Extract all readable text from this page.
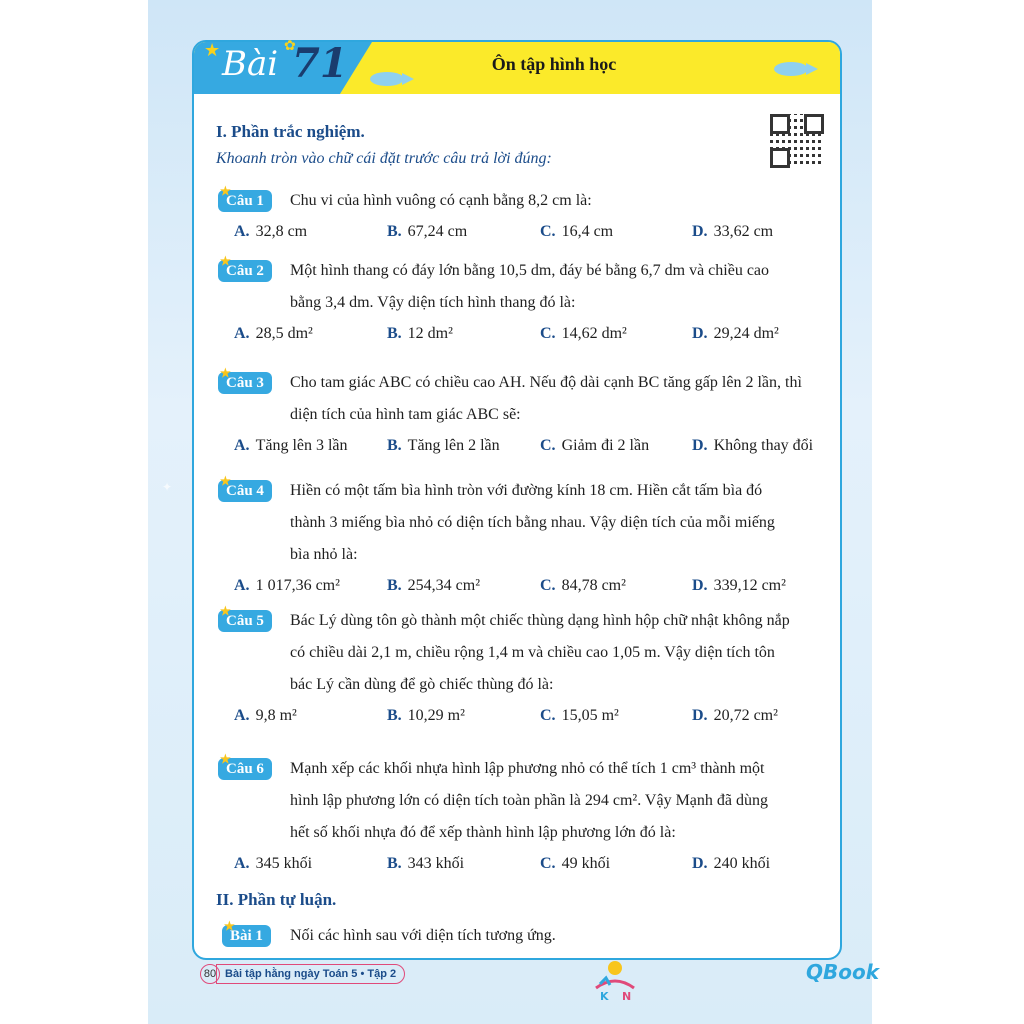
Bài 71
★	✿
Ôn tập hình học
I. Phần trắc nghiệm.
Khoanh tròn vào chữ cái đặt trước câu trả lời đúng:
★
Câu 1	Chu vi của hình vuông có cạnh bằng 8,2 cm là:
A. 32,8 cm	B. 67,24 cm	C. 16,4 cm	D. 33,62 cm
★
Câu 2	Một hình thang có đáy lớn bằng 10,5 dm, đáy bé bằng 6,7 dm và chiều cao
bằng 3,4 dm. Vậy diện tích hình thang đó là:
A. 28,5 dm²	B. 12 dm²	C. 14,62 dm²	D. 29,24 dm²
★
Câu 3	Cho tam giác ABC có chiều cao AH. Nếu độ dài cạnh BC tăng gấp lên 2 lần, thì
diện tích của hình tam giác ABC sẽ:
A. Tăng lên 3 lần B. Tăng lên 2 lần	C. Giảm đi 2 lần	D. Không thay đổi
★
Câu 4	Hiền có một tấm bìa hình tròn với đường kính 18 cm. Hiền cắt tấm bìa đó
thành 3 miếng bìa nhỏ có diện tích bằng nhau. Vậy diện tích của mỗi miếng
bìa nhỏ là:
A. 1 017,36 cm²	B. 254,34 cm²	C. 84,78 cm²	D. 339,12 cm²
★
Câu 5	Bác Lý dùng tôn gò thành một chiếc thùng dạng hình hộp chữ nhật không nắp
có chiều dài 2,1 m, chiều rộng 1,4 m và chiều cao 1,05 m. Vậy diện tích tôn
bác Lý cần dùng để gò chiếc thùng đó là:
A. 9,8 m²	B. 10,29 m²	C. 15,05 m²	D. 20,72 cm²
★
Câu 6	Mạnh xếp các khối nhựa hình lập phương nhỏ có thể tích 1 cm³ thành một
hình lập phương lớn có diện tích toàn phần là 294 cm². Vậy Mạnh đã dùng
hết số khối nhựa đó để xếp thành hình lập phương lớn đó là:
A. 345 khối	B. 343 khối	C. 49 khối	D. 240 khối
II. Phần tự luận.
★
Bài 1	Nối các hình sau với diện tích tương ứng.
✦
80 Bài tập hằng ngày Toán 5 • Tập 2
K N
QBook
